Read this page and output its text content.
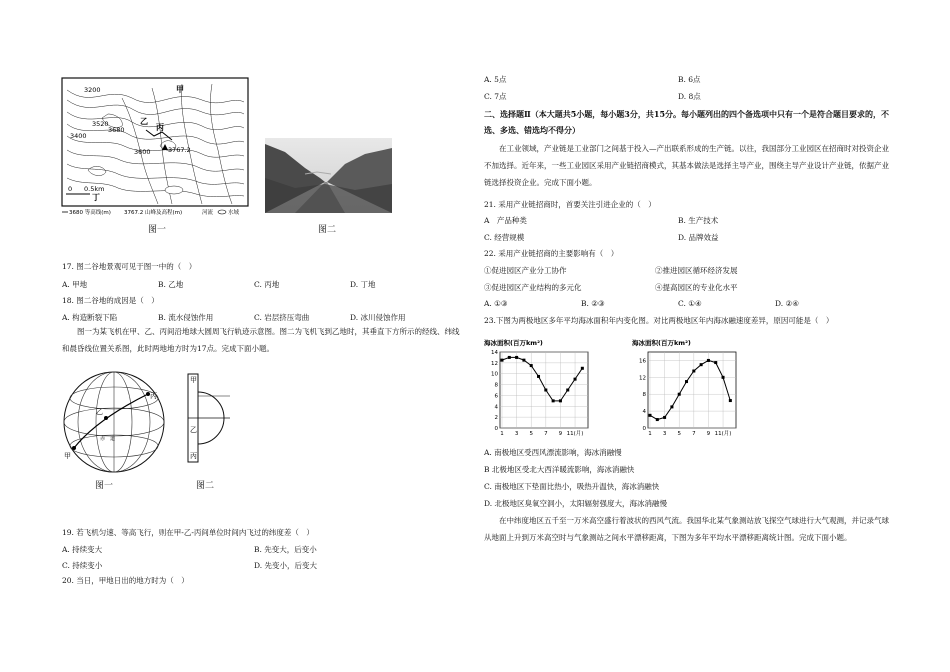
3200
3400
3520
3680
3600	3767.2
0 0.5km
甲
乙
丙
丁
3680 等高线(m) 3767.2 山峰及高程(m)	河流	水域
图一	图二
17. 图二谷地景观可见于图一中的（　）
A. 甲地	B. 乙地	C. 丙地	D. 丁地
18. 图二谷地的成因是（　）
A. 构造断裂下陷	B. 流水侵蚀作用	C. 岩层挤压弯曲	D. 冰川侵蚀作用
图一为某飞机在甲、乙、丙间沿地球大圆周飞行轨迹示意图。图二为飞机飞到乙地时，其垂直下方所示的经线、纬线和晨昏线位置关系图，此时两地地方时为17点。完成下面小题。
甲
乙
丙
赤　道
图一
甲
乙
丙
图二
19. 若飞机匀速、等高飞行，则在甲-乙-丙间单位时间内飞过的纬度差（　）
A. 持续变大	B. 先变大，后变小
C. 持续变小	D. 先变小，后变大
20. 当日，甲地日出的地方时为（　）
A. 5点	B. 6点
C. 7点	D. 8点
二、选择题Ⅱ（本大题共5小题，每小题3分，共15分。每小题列出的四个备选项中只有一个是符合题目要求的，不选、多选、错选均不得分）
在工业领域，产业链是工业部门之间基于投入—产出联系形成的生产链。以往，我国部分工业园区在招商时对投资企业不加选择。近年来，一些工业园区采用产业链招商模式，其基本做法是选择主导产业，围绕主导产业设计产业链，依据产业链选择投资企业。完成下面小题。
21. 采用产业链招商时，首要关注引进企业的（　）
A　产品种类	B. 生产技术
C. 经营规模	D. 品牌效益
22. 采用产业链招商的主要影响有（　）
①促进园区产业分工协作	②推进园区循环经济发展
③促进园区产业结构的多元化	④提高园区的专业化水平
A. ①③	B. ②③	C. ①④	D. ②④
23.下图为两极地区多年平均海冰面积年内变化图。对比两极地区年内海冰融速度差异，原因可能是（　）
海冰面积(百万km²)
0
2
4
6
8
10
12
14
1 3 5 7 9 11(月)
海冰面积(百万km²)
0
4
8
12
16
1 3 5 7 9 11(月)
A. 南极地区受西风漂流影响，海冰消融慢
B 北极地区受北大西洋暖流影响，海冰消融快
C. 南极地区下垫面比热小，吸热升温快，海冰消融快
D. 北极地区臭氧空洞小，太阳辐射强度大，海冰消融慢
在中纬度地区五千至一万米高空盛行着波状的西风气流。我国华北某气象测站放飞探空气球进行大气观测，并记录气球从地面上升到万米高空时与气象测站之间水平漂移距离，下图为多年平均水平漂移距离统计图。完成下面小题。
